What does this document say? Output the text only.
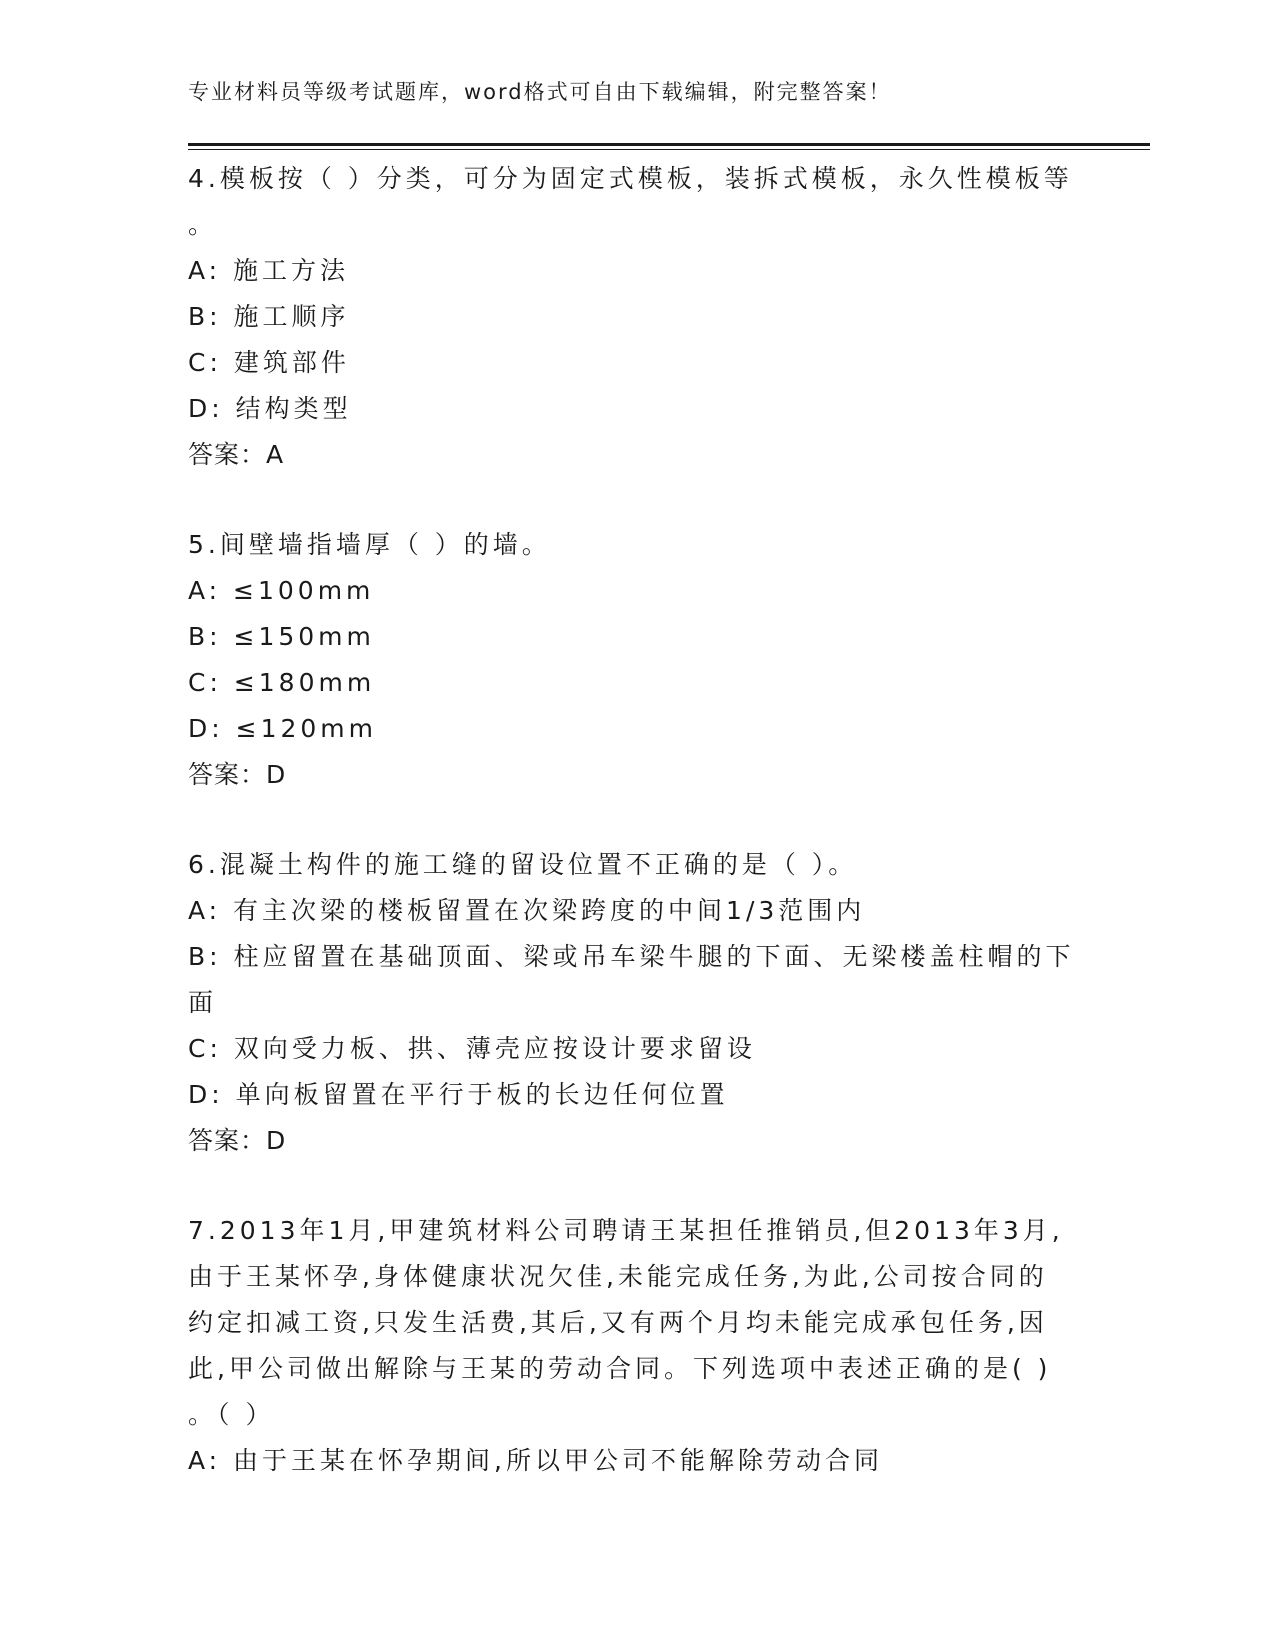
专业材料员等级考试题库，word格式可自由下载编辑，附完整答案！
4.模板按（ ）分类，可分为固定式模板，装拆式模板，永久性模板等
。
A: 施工方法
B: 施工顺序
C: 建筑部件
D: 结构类型
答案：A
5.间壁墙指墙厚（ ）的墙。
A: ≤100mm
B: ≤150mm
C: ≤180mm
D: ≤120mm
答案：D
6.混凝土构件的施工缝的留设位置不正确的是（ ）。
A: 有主次梁的楼板留置在次梁跨度的中间1/3范围内
B: 柱应留置在基础顶面、梁或吊车梁牛腿的下面、无梁楼盖柱帽的下
面
C: 双向受力板、拱、薄壳应按设计要求留设
D: 单向板留置在平行于板的长边任何位置
答案：D
7.2013年1月,甲建筑材料公司聘请王某担任推销员,但2013年3月,
由于王某怀孕,身体健康状况欠佳,未能完成任务,为此,公司按合同的
约定扣减工资,只发生活费,其后,又有两个月均未能完成承包任务,因
此,甲公司做出解除与王某的劳动合同。下列选项中表述正确的是( )
。（ ）
A: 由于王某在怀孕期间,所以甲公司不能解除劳动合同
